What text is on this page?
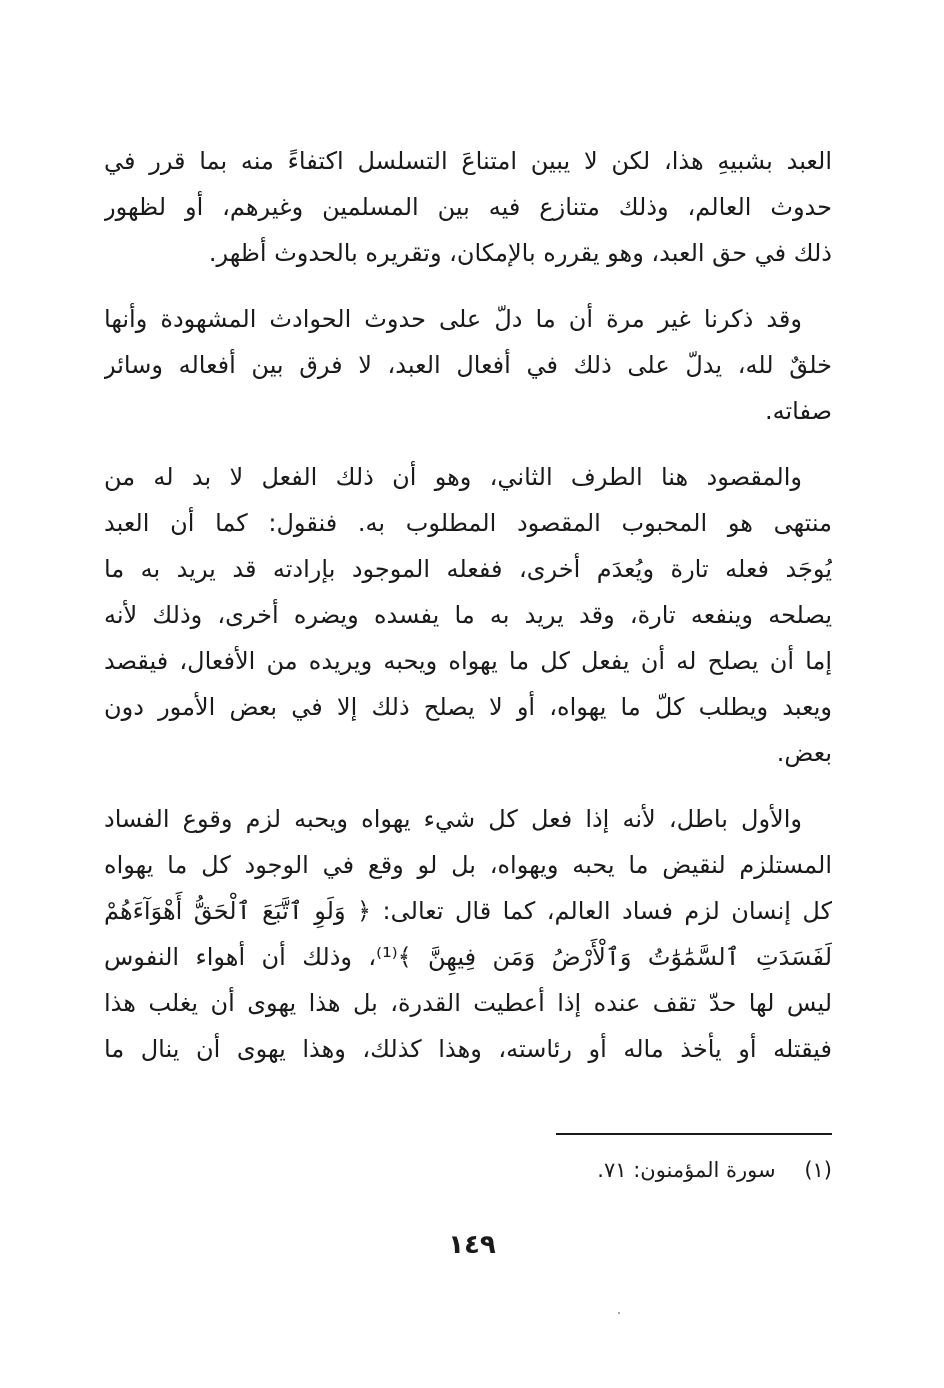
العبد بشبيهِ هذا، لكن لا يبين امتناعَ التسلسل اكتفاءً منه بما قرر في
حدوث العالم، وذلك متنازع فيه بين المسلمين وغيرهم، أو لظهور
ذلك في حق العبد، وهو يقرره بالإمكان، وتقريره بالحدوث أظهر.
وقد ذكرنا غير مرة أن ما دلّ على حدوث الحوادث المشهودة وأنها
خلقٌ لله، يدلّ على ذلك في أفعال العبد، لا فرق بين أفعاله وسائر
صفاته.
والمقصود هنا الطرف الثاني، وهو أن ذلك الفعل لا بد له من
منتهى هو المحبوب المقصود المطلوب به. فنقول: كما أن العبد
يُوجَد فعله تارة ويُعدَم أخرى، ففعله الموجود بإرادته قد يريد به ما
يصلحه وينفعه تارة، وقد يريد به ما يفسده ويضره أخرى، وذلك لأنه
إما أن يصلح له أن يفعل كل ما يهواه ويحبه ويريده من الأفعال، فيقصد
ويعبد ويطلب كلّ ما يهواه، أو لا يصلح ذلك إلا في بعض الأمور دون
بعض.
والأول باطل، لأنه إذا فعل كل شيء يهواه ويحبه لزم وقوع الفساد
المستلزم لنقيض ما يحبه ويهواه، بل لو وقع في الوجود كل ما يهواه
كل إنسان لزم فساد العالم، كما قال تعالى: ﴿ وَلَوِ ٱتَّبَعَ ٱلْحَقُّ أَهْوَآءَهُمْ
لَفَسَدَتِ ٱلسَّمَٰوَٰتُ وَٱلْأَرْضُ وَمَن فِيهِنَّ ﴾⁽¹⁾، وذلك أن أهواء النفوس
ليس لها حدّ تقف عنده إذا أعطيت القدرة، بل هذا يهوى أن يغلب هذا
فيقتله أو يأخذ ماله أو رئاسته، وهذا كذلك، وهذا يهوى أن ينال ما
(١) سورة المؤمنون: ٧١.
١٤٩
